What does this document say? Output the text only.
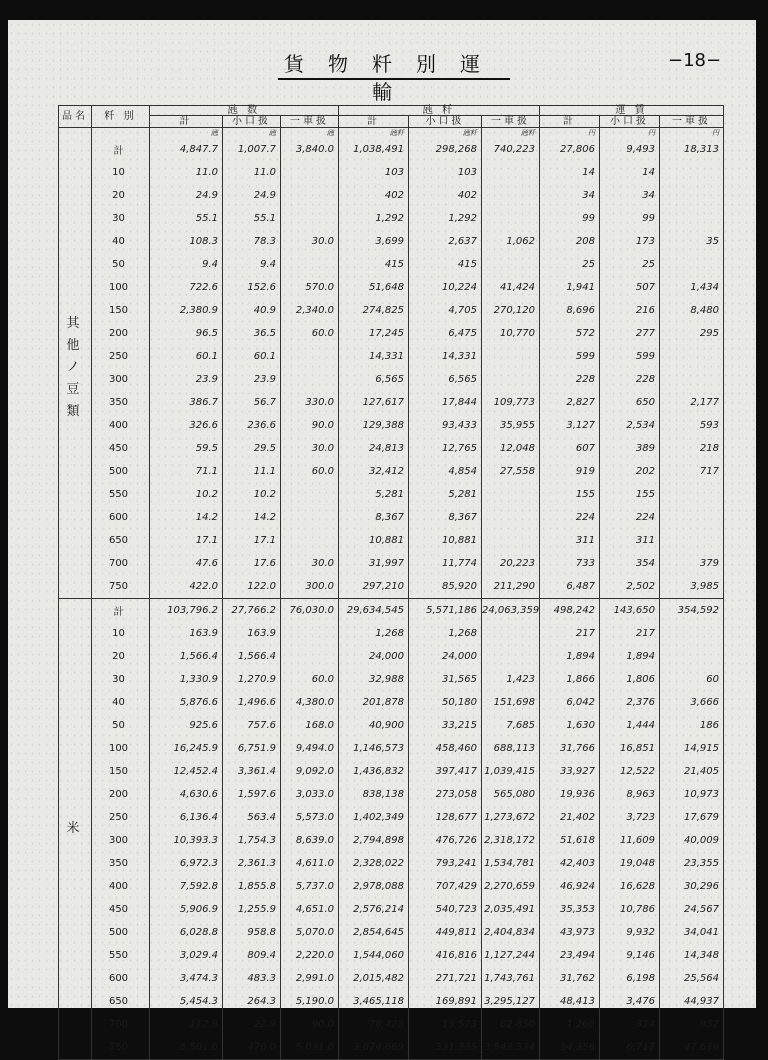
貨物粁別運輸
−18−
品名	粁 別	瓲 数			瓲 粁			運 賃		
		計	小口扱	一車扱	計	小口扱	一車扱	計	小口扱	一車扱
		瓲	瓲	瓲	瓲粁	瓲粁	瓲粁	円	円	円
其他ノ豆類	計	4,847.7	1,007.7	3,840.0	1,038,491	298,268	740,223	27,806	9,493	18,313
	10	11.0	11.0		103	103		14	14	
	20	24.9	24.9		402	402		34	34	
	30	55.1	55.1		1,292	1,292		99	99	
	40	108.3	78.3	30.0	3,699	2,637	1,062	208	173	35
	50	9.4	9.4		415	415		25	25	
	100	722.6	152.6	570.0	51,648	10,224	41,424	1,941	507	1,434
	150	2,380.9	40.9	2,340.0	274,825	4,705	270,120	8,696	216	8,480
	200	96.5	36.5	60.0	17,245	6,475	10,770	572	277	295
	250	60.1	60.1		14,331	14,331		599	599	
	300	23.9	23.9		6,565	6,565		228	228	
	350	386.7	56.7	330.0	127,617	17,844	109,773	2,827	650	2,177
	400	326.6	236.6	90.0	129,388	93,433	35,955	3,127	2,534	593
	450	59.5	29.5	30.0	24,813	12,765	12,048	607	389	218
	500	71.1	11.1	60.0	32,412	4,854	27,558	919	202	717
	550	10.2	10.2		5,281	5,281		155	155	
	600	14.2	14.2		8,367	8,367		224	224	
	650	17.1	17.1		10,881	10,881		311	311	
	700	47.6	17.6	30.0	31,997	11,774	20,223	733	354	379
	750	422.0	122.0	300.0	297,210	85,920	211,290	6,487	2,502	3,985
米	計	103,796.2	27,766.2	76,030.0	29,634,545	5,571,186	24,063,359	498,242	143,650	354,592
	10	163.9	163.9		1,268	1,268		217	217	
	20	1,566.4	1,566.4		24,000	24,000		1,894	1,894	
	30	1,330.9	1,270.9	60.0	32,988	31,565	1,423	1,866	1,806	60
	40	5,876.6	1,496.6	4,380.0	201,878	50,180	151,698	6,042	2,376	3,666
	50	925.6	757.6	168.0	40,900	33,215	7,685	1,630	1,444	186
	100	16,245.9	6,751.9	9,494.0	1,146,573	458,460	688,113	31,766	16,851	14,915
	150	12,452.4	3,361.4	9,092.0	1,436,832	397,417	1,039,415	33,927	12,522	21,405
	200	4,630.6	1,597.6	3,033.0	838,138	273,058	565,080	19,936	8,963	10,973
	250	6,136.4	563.4	5,573.0	1,402,349	128,677	1,273,672	21,402	3,723	17,679
	300	10,393.3	1,754.3	8,639.0	2,794,898	476,726	2,318,172	51,618	11,609	40,009
	350	6,972.3	2,361.3	4,611.0	2,328,022	793,241	1,534,781	42,403	19,048	23,355
	400	7,592.8	1,855.8	5,737.0	2,978,088	707,429	2,270,659	46,924	16,628	30,296
	450	5,906.9	1,255.9	4,651.0	2,576,214	540,723	2,035,491	35,353	10,786	24,567
	500	6,028.8	958.8	5,070.0	2,854,645	449,811	2,404,834	43,973	9,932	34,041
	550	3,029.4	809.4	2,220.0	1,544,060	416,816	1,127,244	23,494	9,146	14,348
	600	3,474.3	483.3	2,991.0	2,015,482	271,721	1,743,761	31,762	6,198	25,564
	650	5,454.3	264.3	5,190.0	3,465,118	169,891	3,295,127	48,413	3,476	44,937
	700	112.9	22.9	90.0	78,423	15,573	62,850	1,266	314	952
	750	5,501.0	470.0	5,031.0	3,874,669	331,335	3,543,334	54,356	6,717	47,639
